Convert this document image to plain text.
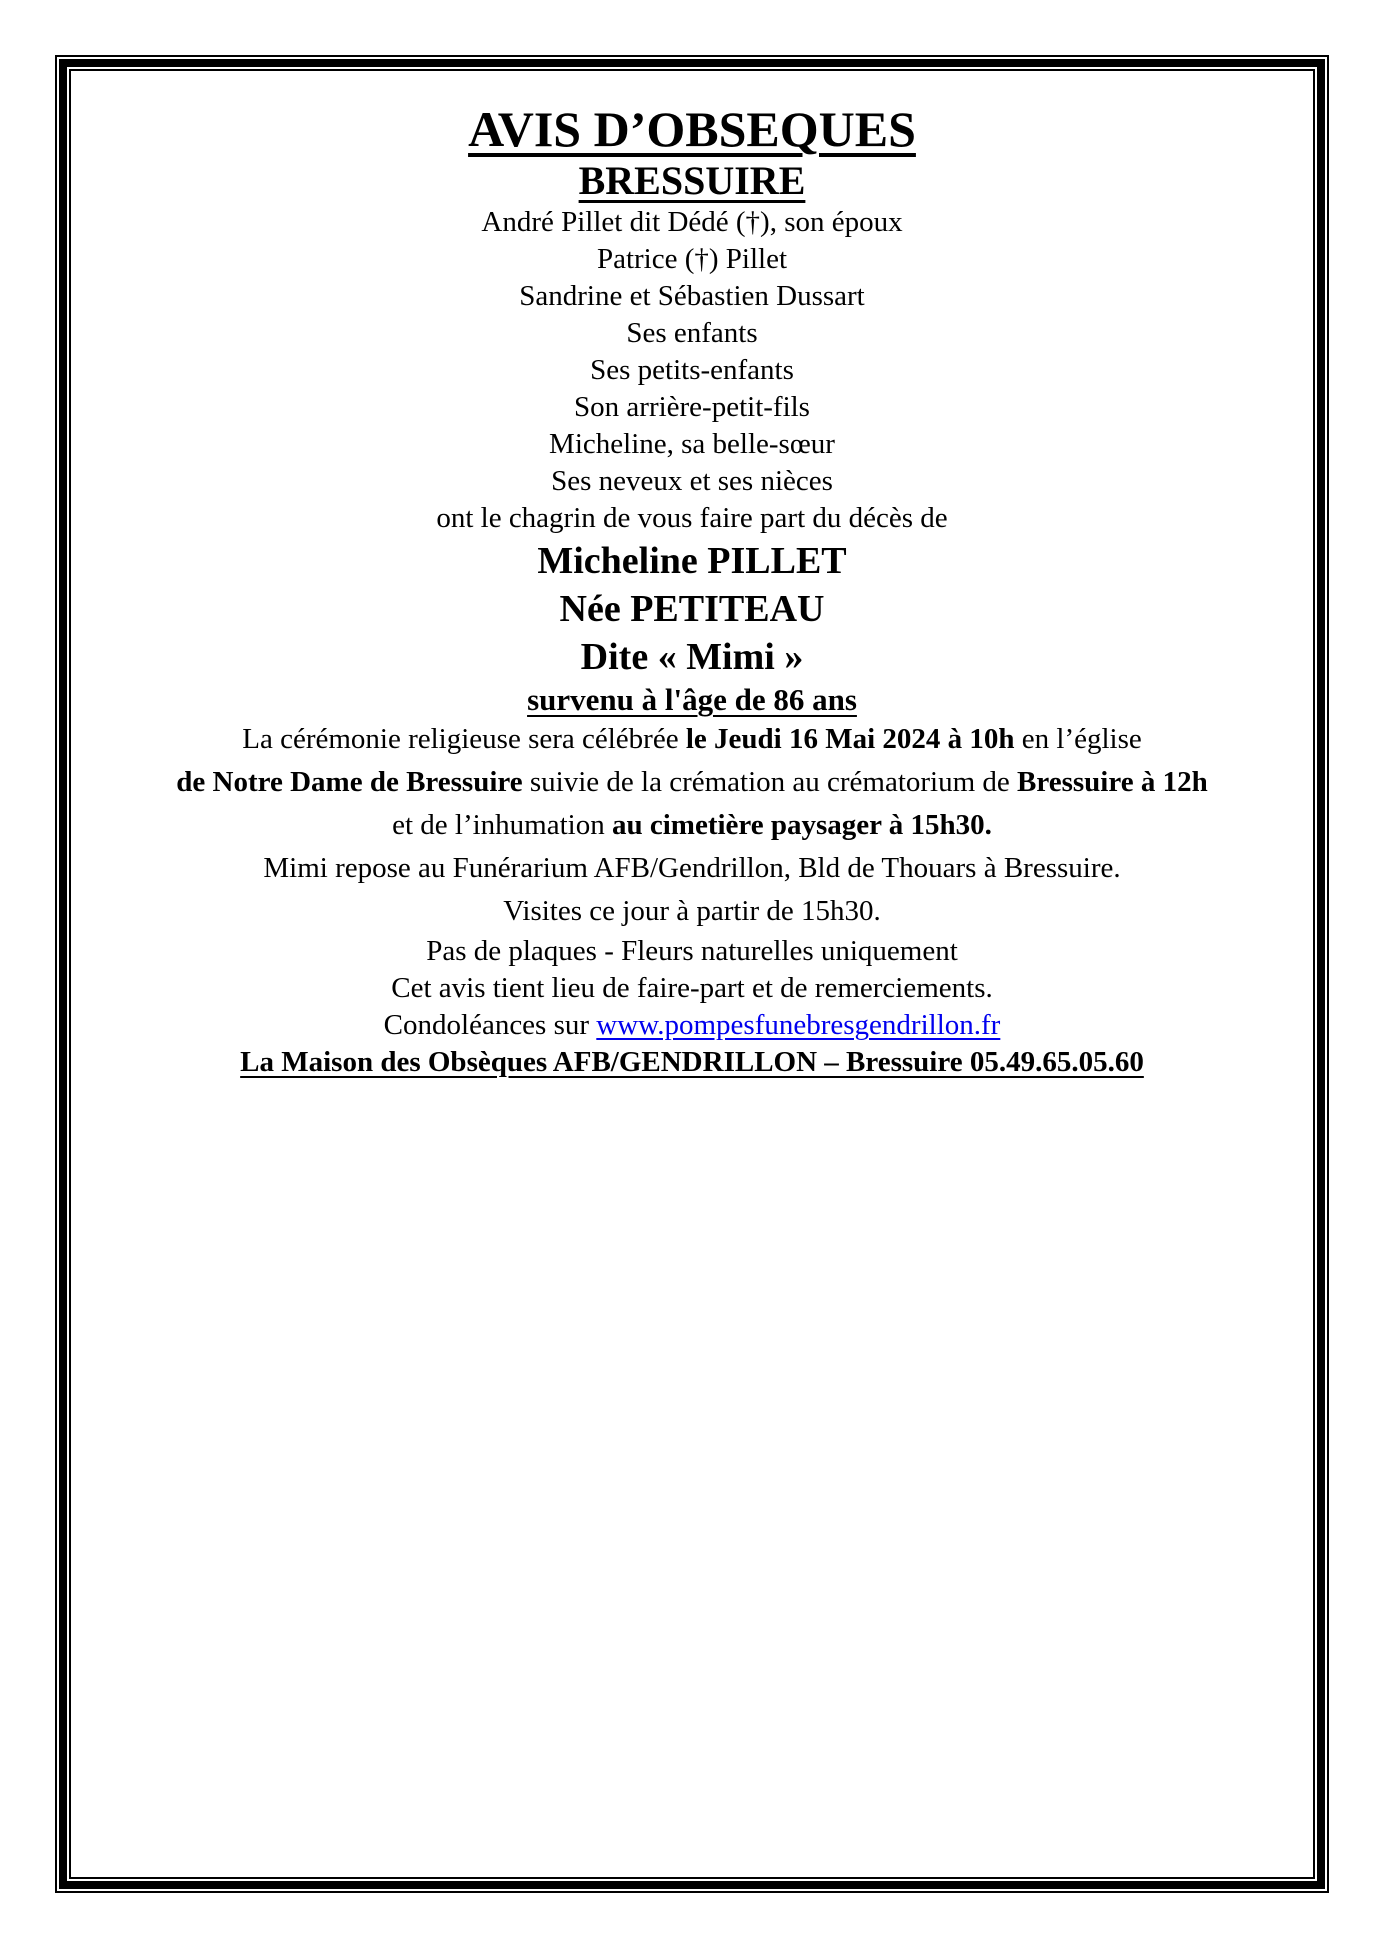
AVIS D’OBSEQUES
BRESSUIRE

André Pillet dit Dédé (†), son époux

Patrice (†) Pillet
Sandrine et Sébastien Dussart
Ses enfants

Ses petits-enfants

Son arrière-petit-fils

Micheline, sa belle-sœur

Ses neveux et ses nièces

ont le chagrin de vous faire part du décès de

Micheline PILLET
Née PETITEAU
Dite « Mimi »

survenu à l'âge de 86 ans

La cérémonie religieuse sera célébrée le Jeudi 16 Mai 2024 à 10h en l’église
de Notre Dame de Bressuire suivie de la crémation au crématorium de Bressuire à 12h
et de l’inhumation au cimetière paysager à 15h30.
Mimi repose au Funérarium AFB/Gendrillon, Bld de Thouars à Bressuire.
Visites ce jour à partir de 15h30.

Pas de plaques - Fleurs naturelles uniquement

Cet avis tient lieu de faire-part et de remerciements.

Condoléances sur www.pompesfunebresgendrillon.fr

La Maison des Obsèques AFB/GENDRILLON – Bressuire 05.49.65.05.60
